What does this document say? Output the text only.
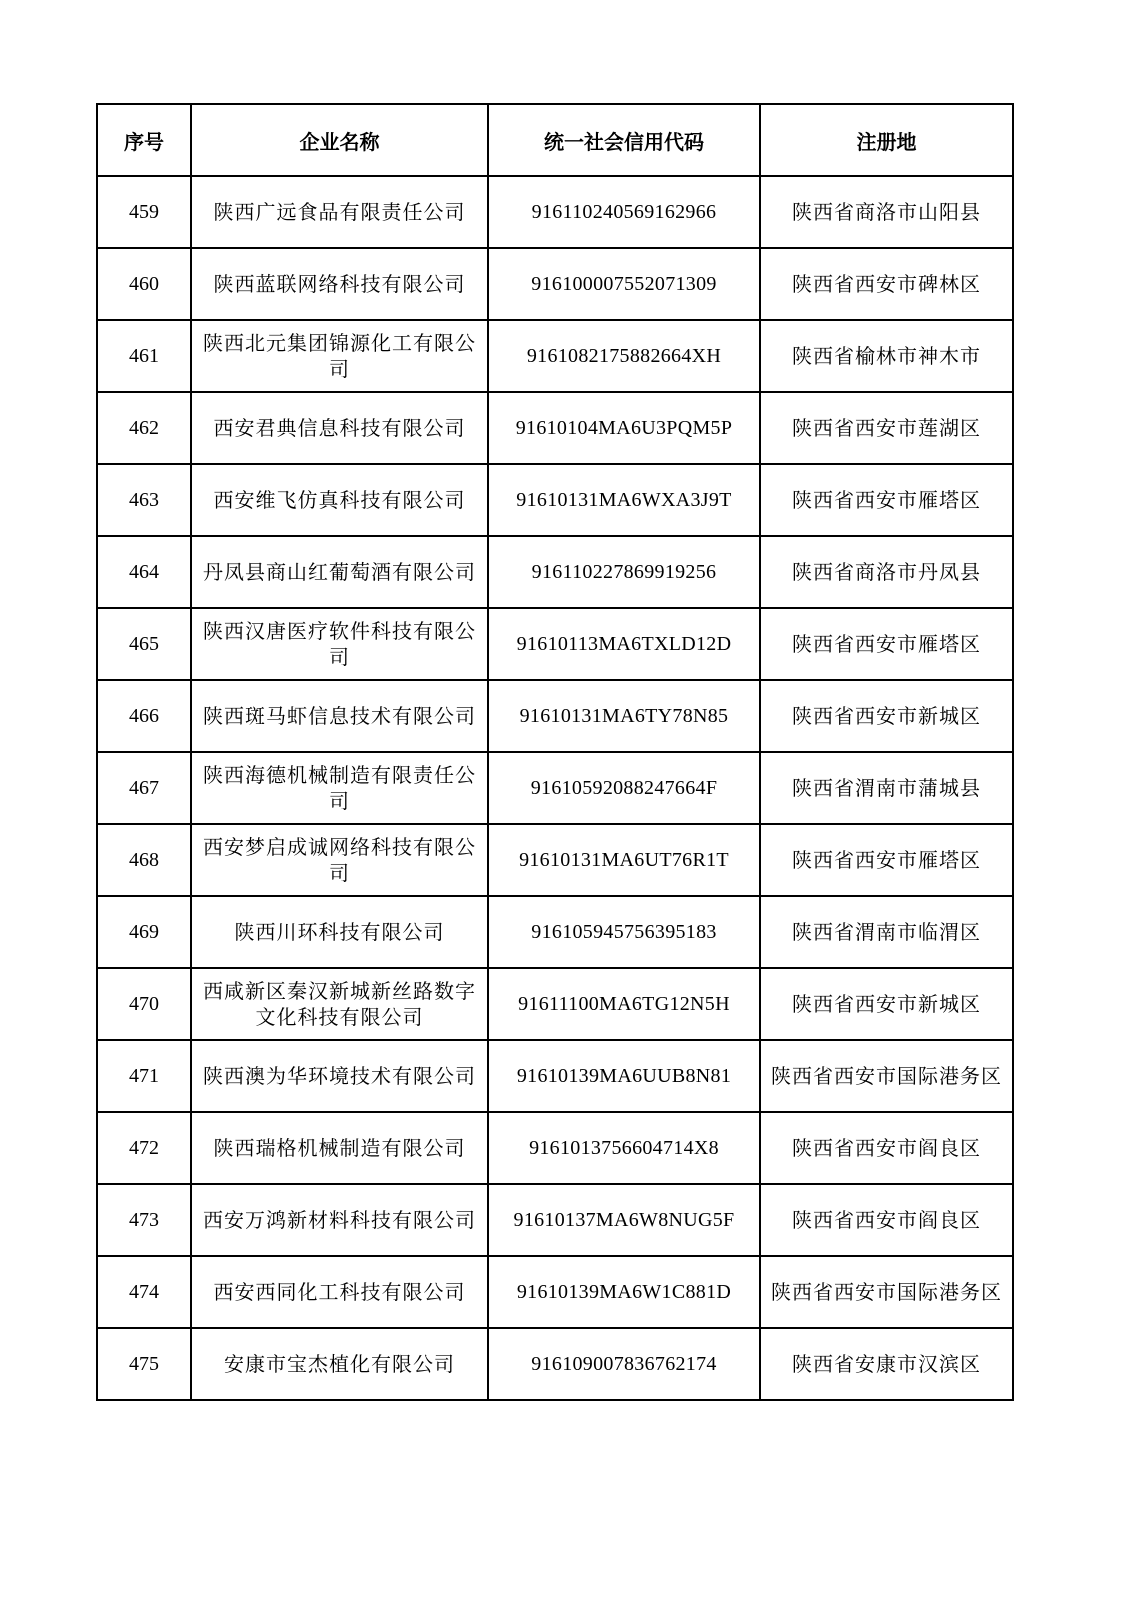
序号	企业名称	统一社会信用代码	注册地
459	陕西广远食品有限责任公司	916110240569162966	陕西省商洛市山阳县
460	陕西蓝联网络科技有限公司	916100007552071309	陕西省西安市碑林区
461	陕西北元集团锦源化工有限公司	9161082175882664XH	陕西省榆林市神木市
462	西安君典信息科技有限公司	91610104MA6U3PQM5P	陕西省西安市莲湖区
463	西安维飞仿真科技有限公司	91610131MA6WXA3J9T	陕西省西安市雁塔区
464	丹凤县商山红葡萄酒有限公司	916110227869919256	陕西省商洛市丹凤县
465	陕西汉唐医疗软件科技有限公司	91610113MA6TXLD12D	陕西省西安市雁塔区
466	陕西斑马虾信息技术有限公司	91610131MA6TY78N85	陕西省西安市新城区
467	陕西海德机械制造有限责任公司	91610592088247664F	陕西省渭南市蒲城县
468	西安梦启成诚网络科技有限公司	91610131MA6UT76R1T	陕西省西安市雁塔区
469	陕西川环科技有限公司	916105945756395183	陕西省渭南市临渭区
470	西咸新区秦汉新城新丝路数字文化科技有限公司	91611100MA6TG12N5H	陕西省西安市新城区
471	陕西澳为华环境技术有限公司	91610139MA6UUB8N81	陕西省西安市国际港务区
472	陕西瑞格机械制造有限公司	9161013756604714X8	陕西省西安市阎良区
473	西安万鸿新材料科技有限公司	91610137MA6W8NUG5F	陕西省西安市阎良区
474	西安西同化工科技有限公司	91610139MA6W1C881D	陕西省西安市国际港务区
475	安康市宝杰植化有限公司	916109007836762174	陕西省安康市汉滨区
